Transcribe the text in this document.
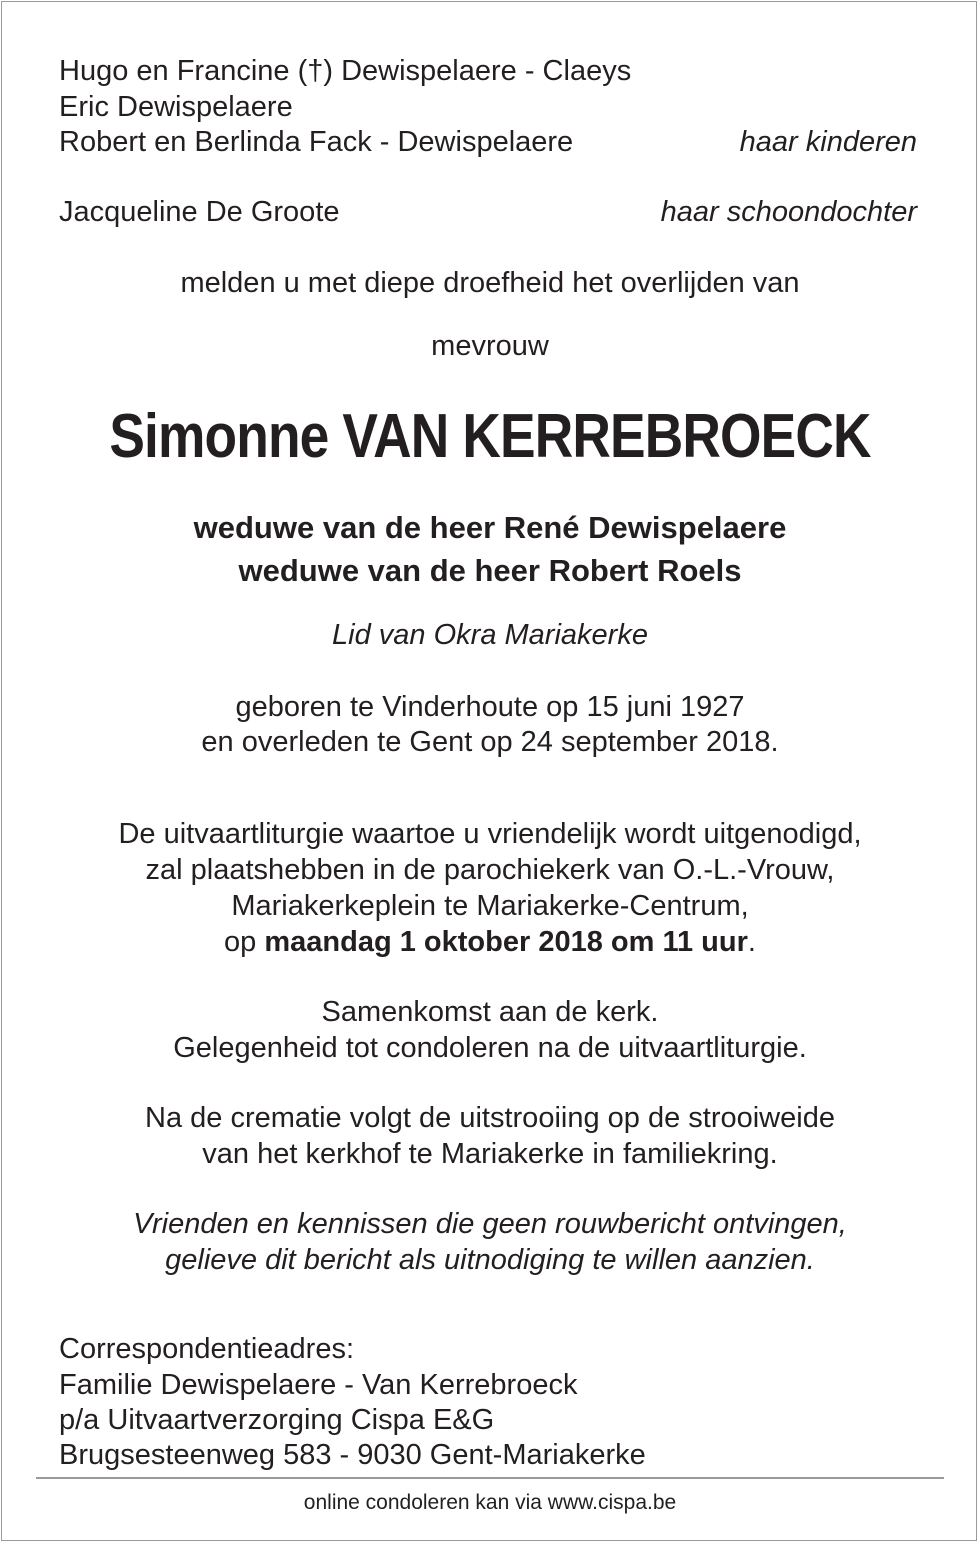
Hugo en Francine (†) Dewispelaere - Claeys
Eric Dewispelaere
Robert en Berlinda Fack - Dewispelaere	haar kinderen
Jacqueline De Groote	haar schoondochter
melden u met diepe droefheid het overlijden van
mevrouw
Simonne VAN KERREBROECK
weduwe van de heer René Dewispelaere
weduwe van de heer Robert Roels
Lid van Okra Mariakerke
geboren te Vinderhoute op 15 juni 1927
en overleden te Gent op 24 september 2018.
De uitvaartliturgie waartoe u vriendelijk wordt uitgenodigd,
zal plaatshebben in de parochiekerk van O.-L.-Vrouw,
Mariakerkeplein te Mariakerke-Centrum,
op maandag 1 oktober 2018 om 11 uur.
Samenkomst aan de kerk.
Gelegenheid tot condoleren na de uitvaartliturgie.
Na de crematie volgt de uitstrooiing op de strooiweide
van het kerkhof te Mariakerke in familiekring.
Vrienden en kennissen die geen rouwbericht ontvingen,
gelieve dit bericht als uitnodiging te willen aanzien.
Correspondentieadres:
Familie Dewispelaere - Van Kerrebroeck
p/a Uitvaartverzorging Cispa E&G
Brugsesteenweg 583 - 9030 Gent-Mariakerke
online condoleren kan via www.cispa.be
